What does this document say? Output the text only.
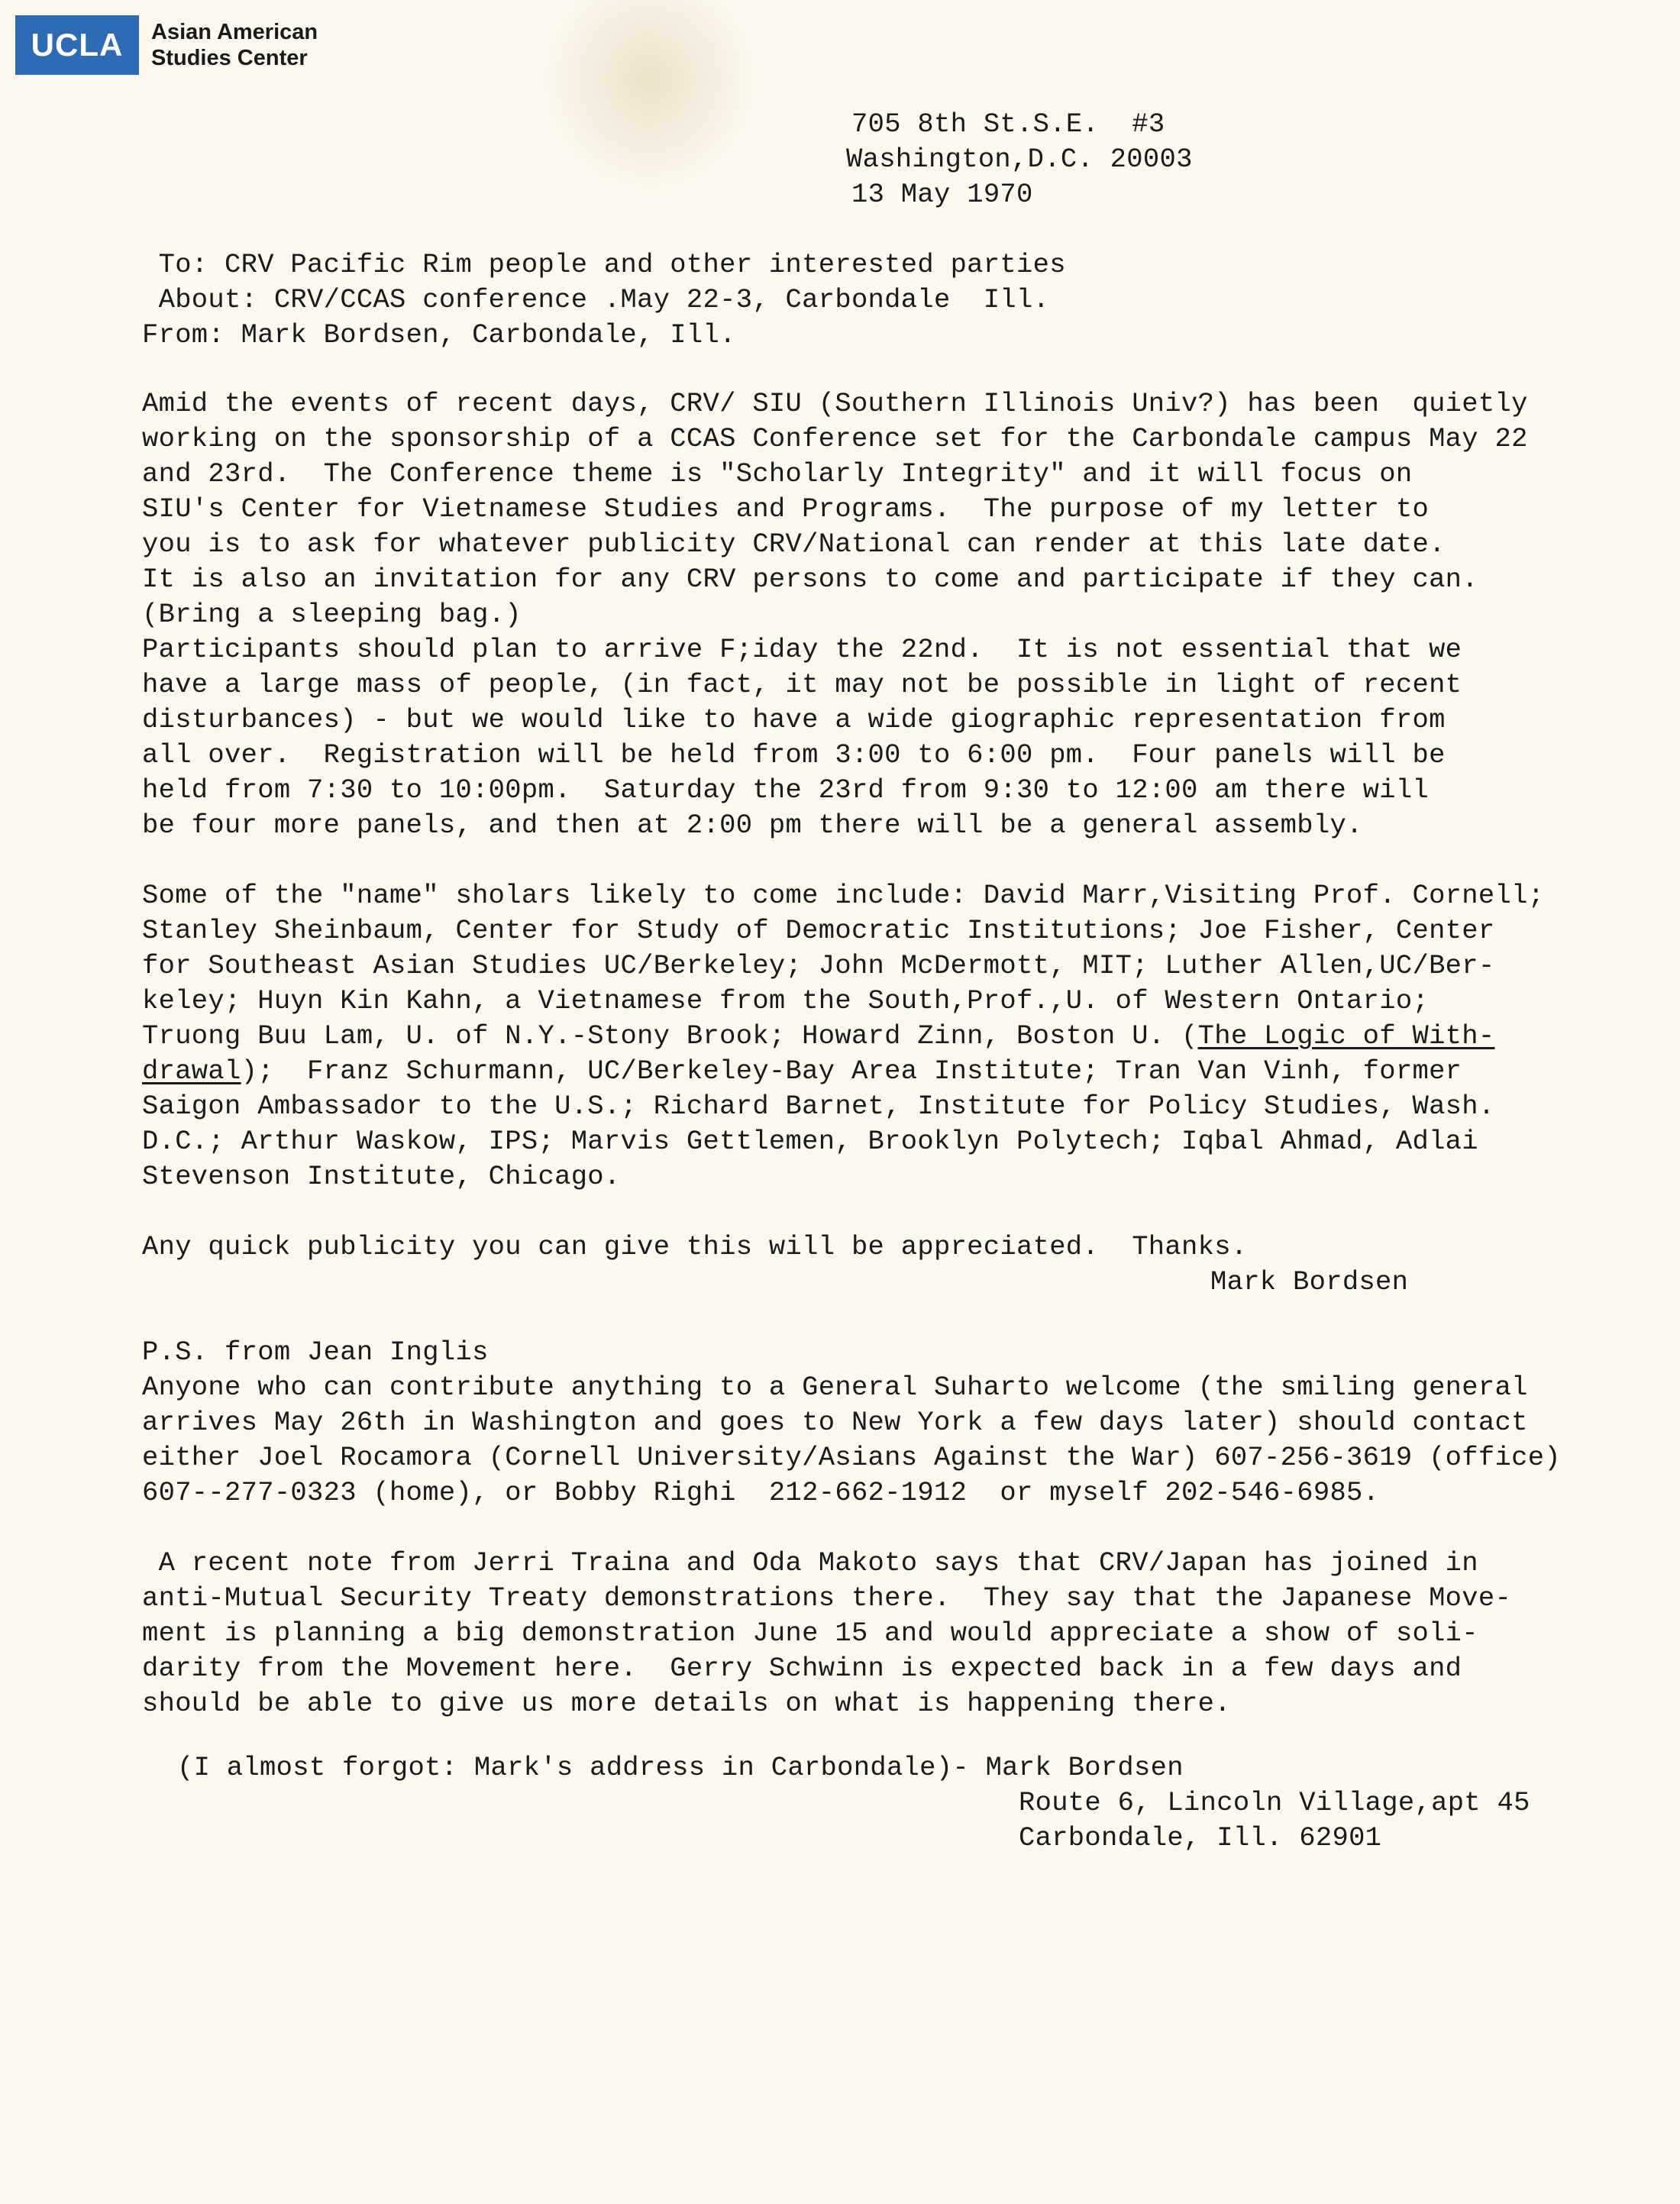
UCLA	Asian American
Studies Center
705 8th St.S.E.  #3
Washington,D.C. 20003
13 May 1970
To: CRV Pacific Rim people and other interested parties
About: CRV/CCAS conference .May 22-3, Carbondale  Ill.
From: Mark Bordsen, Carbondale, Ill.
Amid the events of recent days, CRV/ SIU (Southern Illinois Univ?) has been  quietly
working on the sponsorship of a CCAS Conference set for the Carbondale campus May 22
and 23rd.  The Conference theme is "Scholarly Integrity" and it will focus on
SIU's Center for Vietnamese Studies and Programs.  The purpose of my letter to
you is to ask for whatever publicity CRV/National can render at this late date.
It is also an invitation for any CRV persons to come and participate if they can.
(Bring a sleeping bag.)
Participants should plan to arrive F;iday the 22nd.  It is not essential that we
have a large mass of people, (in fact, it may not be possible in light of recent
disturbances) - but we would like to have a wide giographic representation from
all over.  Registration will be held from 3:00 to 6:00 pm.  Four panels will be
held from 7:30 to 10:00pm.  Saturday the 23rd from 9:30 to 12:00 am there will
be four more panels, and then at 2:00 pm there will be a general assembly.
Some of the "name" sholars likely to come include: David Marr,Visiting Prof. Cornell;
Stanley Sheinbaum, Center for Study of Democratic Institutions; Joe Fisher, Center
for Southeast Asian Studies UC/Berkeley; John McDermott, MIT; Luther Allen,UC/Ber-
keley; Huyn Kin Kahn, a Vietnamese from the South,Prof.,U. of Western Ontario;
Truong Buu Lam, U. of N.Y.-Stony Brook; Howard Zinn, Boston U. (The Logic of With-
drawal);  Franz Schurmann, UC/Berkeley-Bay Area Institute; Tran Van Vinh, former
Saigon Ambassador to the U.S.; Richard Barnet, Institute for Policy Studies, Wash.
D.C.; Arthur Waskow, IPS; Marvis Gettlemen, Brooklyn Polytech; Iqbal Ahmad, Adlai
Stevenson Institute, Chicago.
Any quick publicity you can give this will be appreciated.  Thanks.
Mark Bordsen
P.S. from Jean Inglis
Anyone who can contribute anything to a General Suharto welcome (the smiling general
arrives May 26th in Washington and goes to New York a few days later) should contact
either Joel Rocamora (Cornell University/Asians Against the War) 607-256-3619 (office)
607--277-0323 (home), or Bobby Righi  212-662-1912  or myself 202-546-6985.
A recent note from Jerri Traina and Oda Makoto says that CRV/Japan has joined in
anti-Mutual Security Treaty demonstrations there.  They say that the Japanese Move-
ment is planning a big demonstration June 15 and would appreciate a show of soli-
darity from the Movement here.  Gerry Schwinn is expected back in a few days and
should be able to give us more details on what is happening there.
(I almost forgot: Mark's address in Carbondale)- Mark Bordsen
Route 6, Lincoln Village,apt 45
Carbondale, Ill. 62901
